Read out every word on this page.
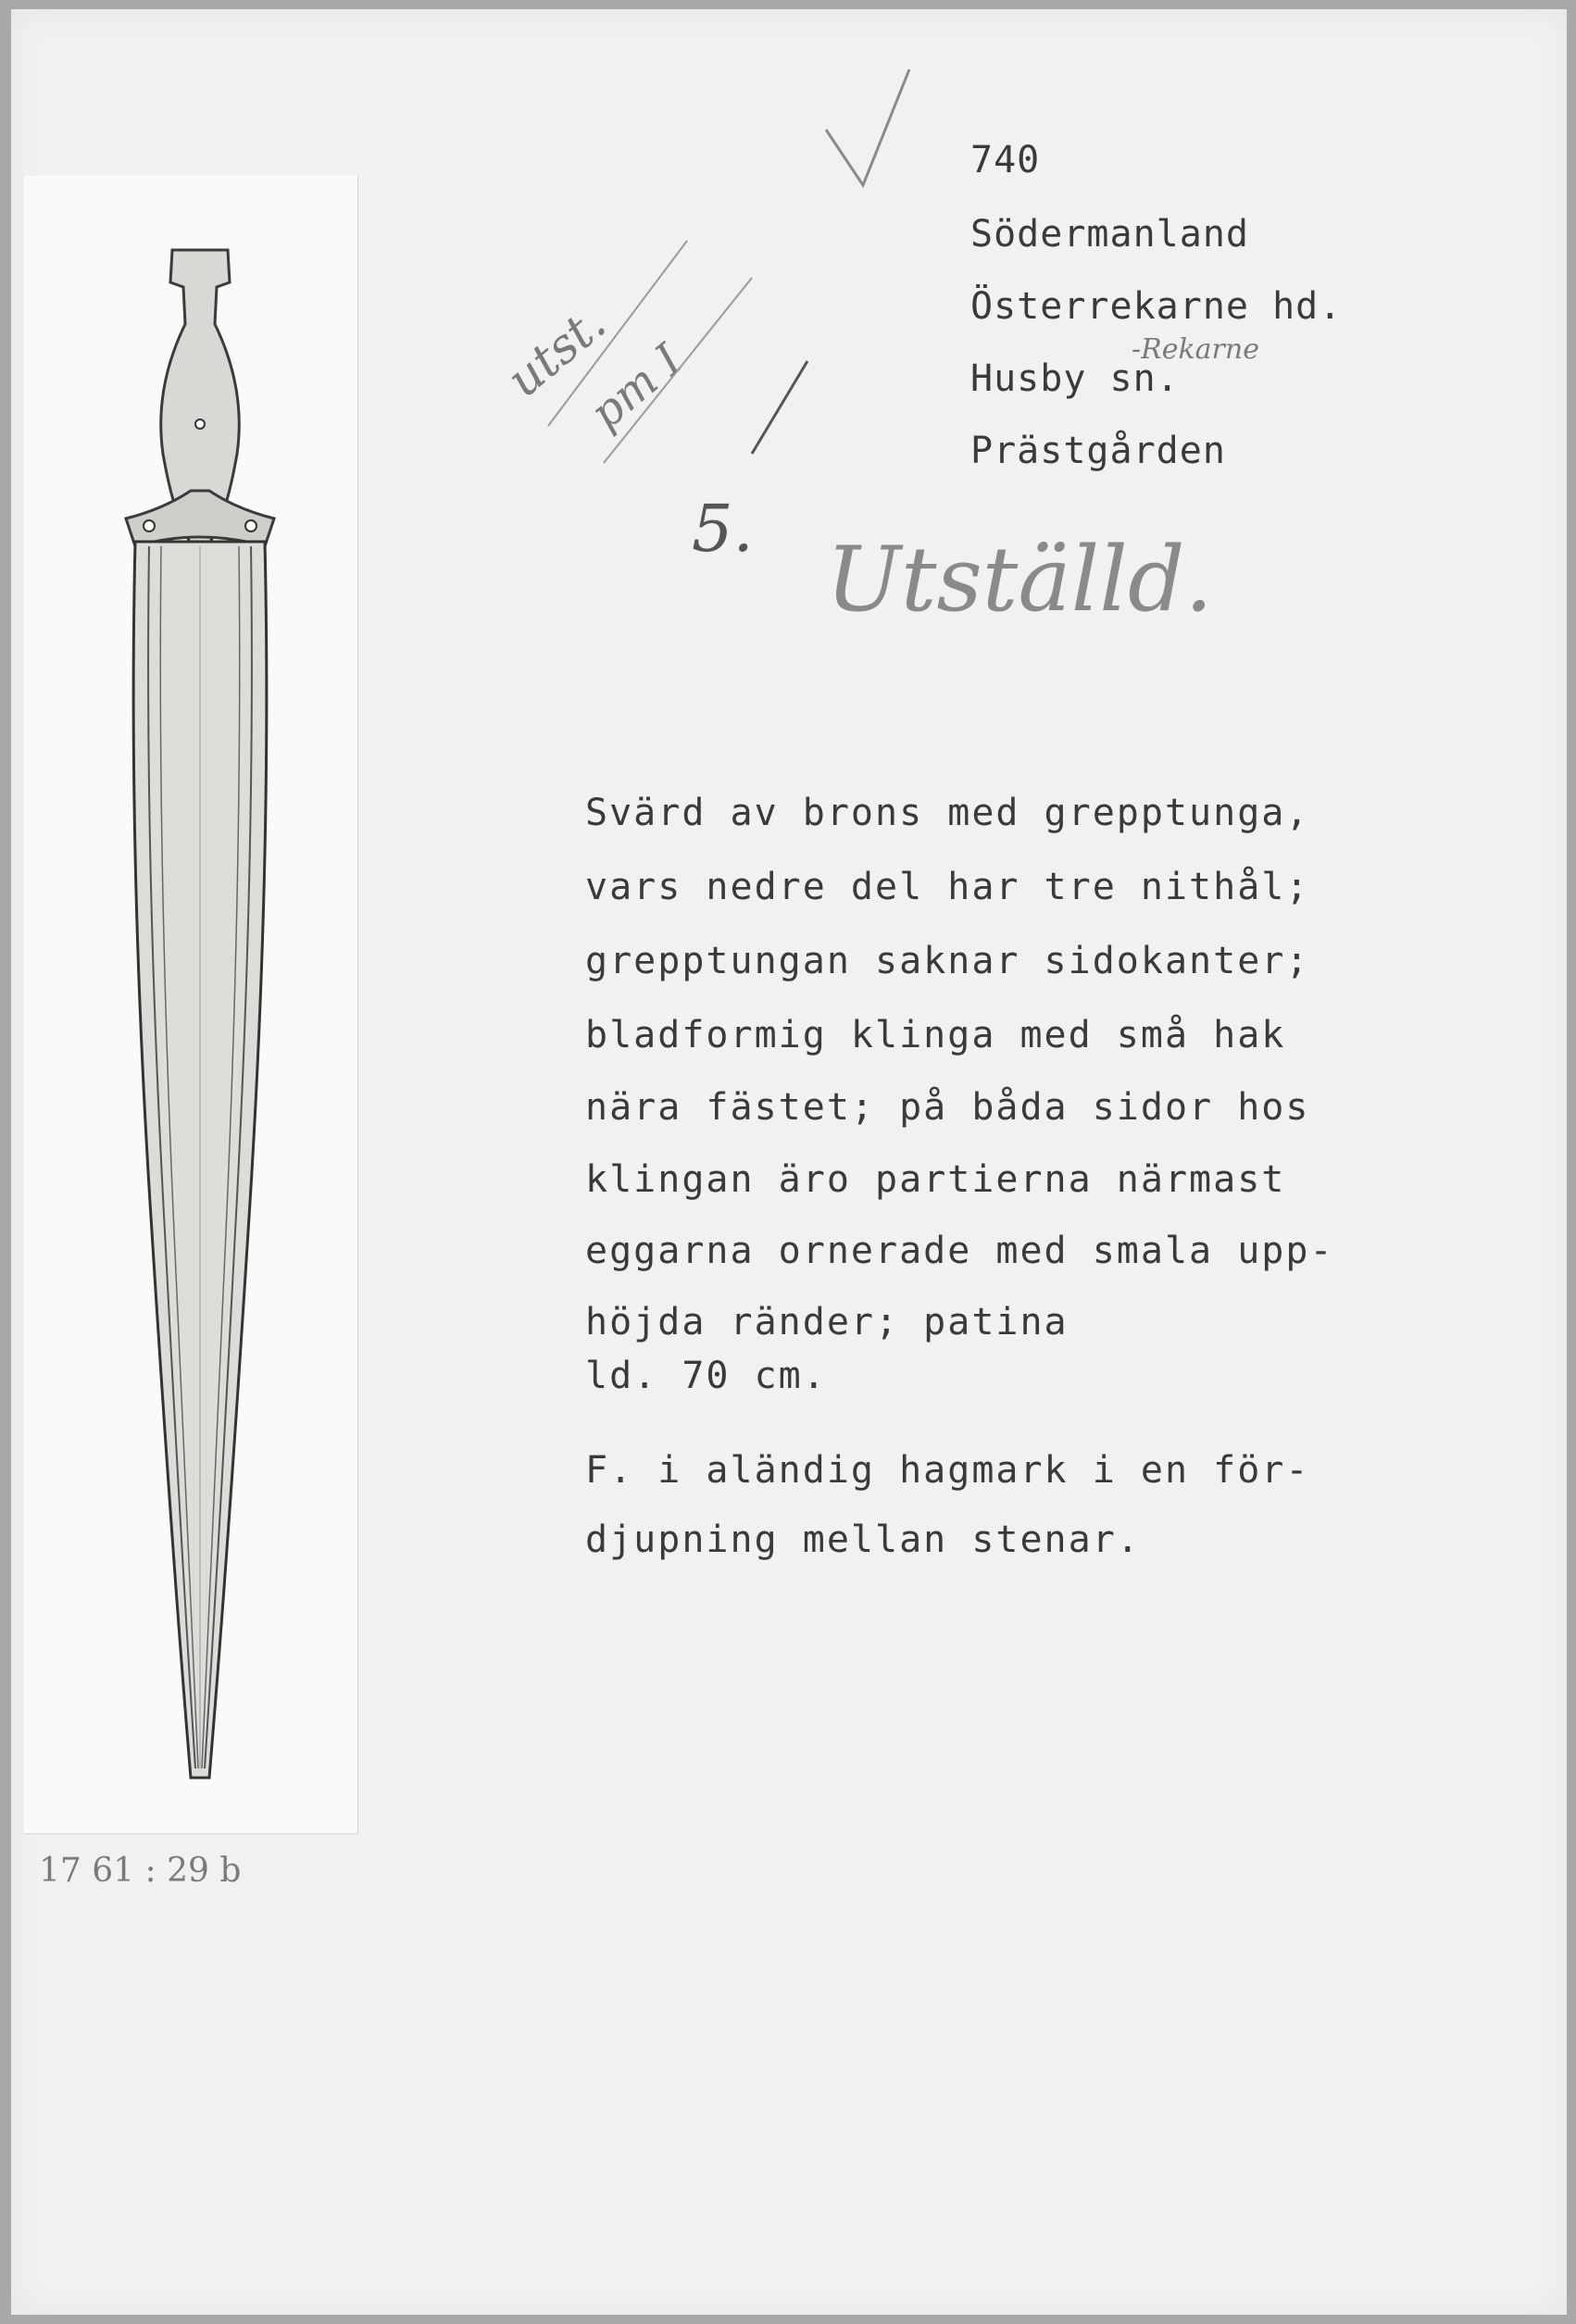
740
Södermanland
Österrekarne hd.
Husby sn.
Prästgården
-Rekarne
utst.
pm I
5. Utställd.
Svärd av brons med grepptunga,
vars nedre del har tre nithål;
grepptungan saknar sidokanter;
bladformig klinga med små hak
nära fästet; på båda sidor hos
klingan äro partierna närmast
eggarna ornerade med smala upp-
höjda ränder; patina
ld. 70 cm.
F. i aländig hagmark i en för-
djupning mellan stenar.
17 61 : 29 b
